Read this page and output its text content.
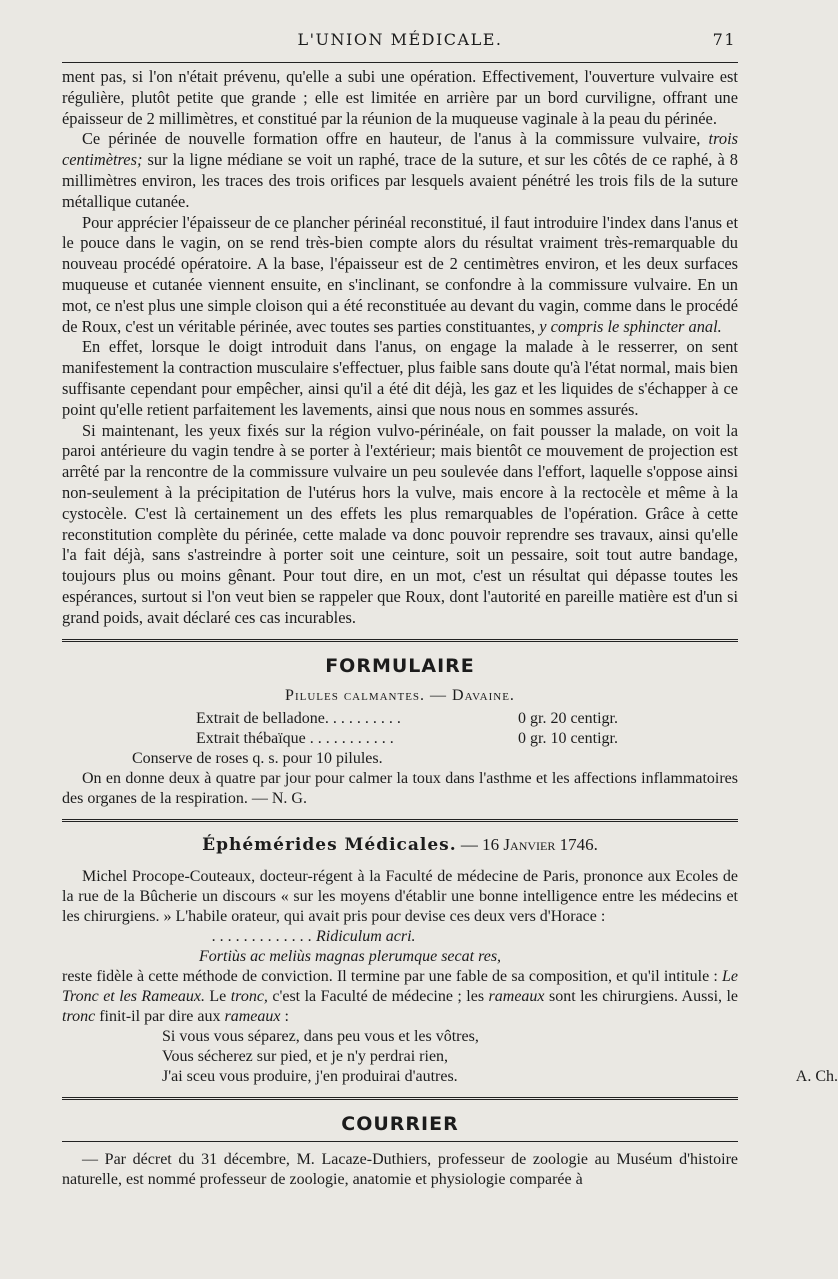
L'UNION MÉDICALE.	71

ment pas, si l'on n'était prévenu, qu'elle a subi une opération. Effectivement, l'ouverture vulvaire est régulière, plutôt petite que grande ; elle est limitée en arrière par un bord curviligne, offrant une épaisseur de 2 millimètres, et constitué par la réunion de la muqueuse vaginale à la peau du périnée.

Ce périnée de nouvelle formation offre en hauteur, de l'anus à la commissure vulvaire, trois centimètres; sur la ligne médiane se voit un raphé, trace de la suture, et sur les côtés de ce raphé, à 8 millimètres environ, les traces des trois orifices par lesquels avaient pénétré les trois fils de la suture métallique cutanée.

Pour apprécier l'épaisseur de ce plancher périnéal reconstitué, il faut introduire l'index dans l'anus et le pouce dans le vagin, on se rend très-bien compte alors du résultat vraiment très-remarquable du nouveau procédé opératoire. A la base, l'épaisseur est de 2 centimètres environ, et les deux surfaces muqueuse et cutanée viennent ensuite, en s'inclinant, se confondre à la commissure vulvaire. En un mot, ce n'est plus une simple cloison qui a été reconstituée au devant du vagin, comme dans le procédé de Roux, c'est un véritable périnée, avec toutes ses parties constituantes, y compris le sphincter anal.

En effet, lorsque le doigt introduit dans l'anus, on engage la malade à le resserrer, on sent manifestement la contraction musculaire s'effectuer, plus faible sans doute qu'à l'état normal, mais bien suffisante cependant pour empêcher, ainsi qu'il a été dit déjà, les gaz et les liquides de s'échapper à ce point qu'elle retient parfaitement les lavements, ainsi que nous nous en sommes assurés.

Si maintenant, les yeux fixés sur la région vulvo-périnéale, on fait pousser la malade, on voit la paroi antérieure du vagin tendre à se porter à l'extérieur; mais bientôt ce mouvement de projection est arrêté par la rencontre de la commissure vulvaire un peu soulevée dans l'effort, laquelle s'oppose ainsi non-seulement à la précipitation de l'utérus hors la vulve, mais encore à la rectocèle et même à la cystocèle. C'est là certainement un des effets les plus remarquables de l'opération. Grâce à cette reconstitution complète du périnée, cette malade va donc pouvoir reprendre ses travaux, ainsi qu'elle l'a fait déjà, sans s'astreindre à porter soit une ceinture, soit un pessaire, soit tout autre bandage, toujours plus ou moins gênant. Pour tout dire, en un mot, c'est un résultat qui dépasse toutes les espérances, surtout si l'on veut bien se rappeler que Roux, dont l'autorité en pareille matière est d'un si grand poids, avait déclaré ces cas incurables.

FORMULAIRE
Pilules calmantes. — Davaine.
Extrait de belladone. . . . . . . . . .	0 gr. 20 centigr.
Extrait thébaïque . . . . . . . . . . .	0 gr. 10 centigr.
Conserve de roses q. s. pour 10 pilules.
On en donne deux à quatre par jour pour calmer la toux dans l'asthme et les affections inflammatoires des organes de la respiration. — N. G.
Éphémérides Médicales. — 16 Janvier 1746.

Michel Procope-Couteaux, docteur-régent à la Faculté de médecine de Paris, prononce aux Ecoles de la rue de la Bûcherie un discours « sur les moyens d'établir une bonne intelligence entre les médecins et les chirurgiens. » L'habile orateur, qui avait pris pour devise ces deux vers d'Horace :

. . . . . . . . . . . . . Ridiculum acri.
Fortiùs ac meliùs magnas plerumque secat res,

reste fidèle à cette méthode de conviction. Il termine par une fable de sa composition, et qu'il intitule : Le Tronc et les Rameaux. Le tronc, c'est la Faculté de médecine ; les rameaux sont les chirurgiens. Aussi, le tronc finit-il par dire aux rameaux :

Si vous vous séparez, dans peu vous et les vôtres,
Vous sécherez sur pied, et je n'y perdrai rien,
J'ai sceu vous produire, j'en produirai d'autres.	A. Ch.
COURRIER

— Par décret du 31 décembre, M. Lacaze-Duthiers, professeur de zoologie au Muséum d'histoire naturelle, est nommé professeur de zoologie, anatomie et physiologie comparée à
